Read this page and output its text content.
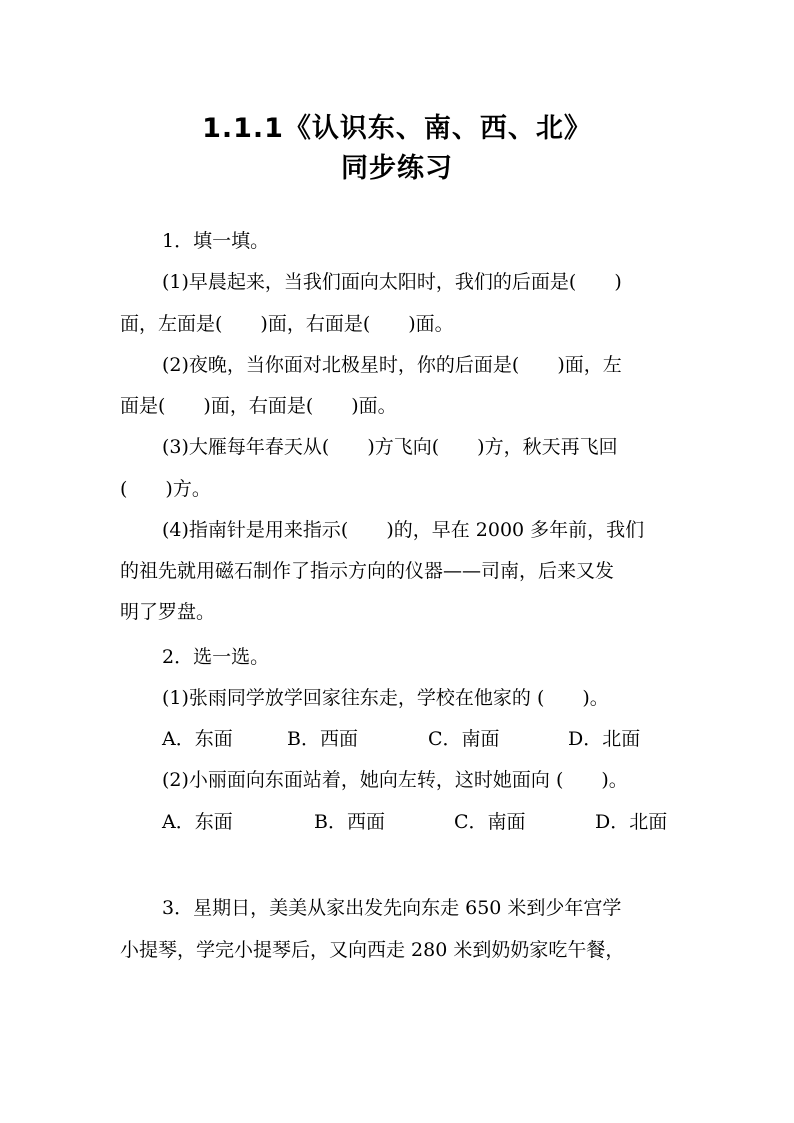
1.1.1《认识东、南、西、北》
同步练习
1．填一填。
(1)早晨起来，当我们面向太阳时，我们的后面是(　　)
面，左面是(　　)面，右面是(　　)面。
(2)夜晚，当你面对北极星时，你的后面是(　　)面，左
面是(　　)面，右面是(　　)面。
(3)大雁每年春天从(　　)方飞向(　　)方，秋天再飞回
(　　)方。
(4)指南针是用来指示(　　)的，早在 2000 多年前，我们
的祖先就用磁石制作了指示方向的仪器——司南，后来又发
明了罗盘。
2．选一选。
(1)张雨同学放学回家往东走，学校在他家的 (　　)。
A．东面	B．西面	C．南面	D．北面
(2)小丽面向东面站着，她向左转，这时她面向 (　　)。
A．东面	B．西面	C．南面	D．北面
3．星期日，美美从家出发先向东走 650 米到少年宫学
小提琴，学完小提琴后，又向西走 280 米到奶奶家吃午餐，
